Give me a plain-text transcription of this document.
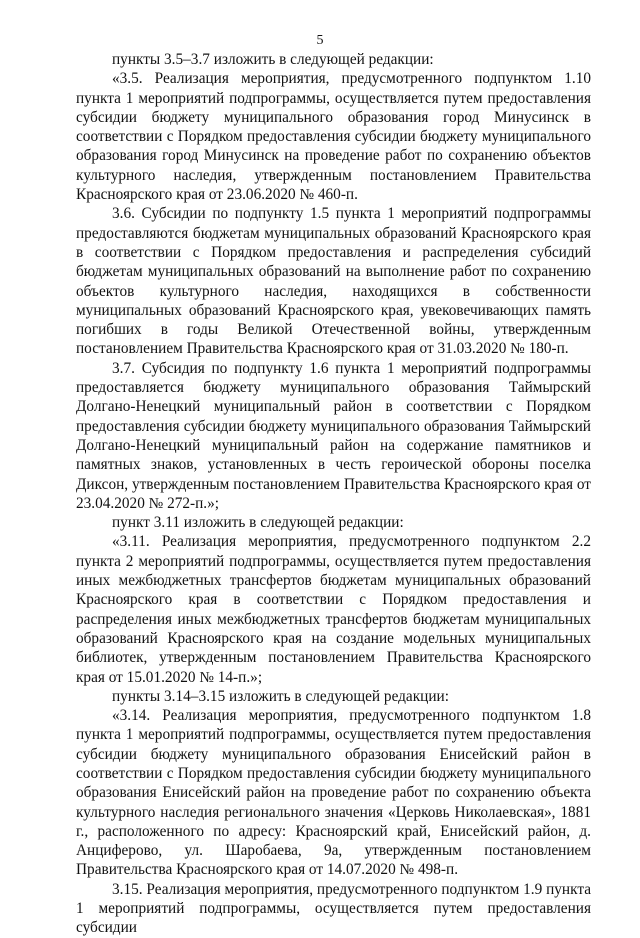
5

пункты 3.5–3.7 изложить в следующей редакции:

«3.5. Реализация мероприятия, предусмотренного подпунктом 1.10 пункта 1 мероприятий подпрограммы, осуществляется путем предоставления субсидии бюджету муниципального образования город Минусинск в соответствии с Порядком предоставления субсидии бюджету муниципального образования город Минусинск на проведение работ по сохранению объектов культурного наследия, утвержденным постановлением Правительства Красноярского края от 23.06.2020 № 460-п.

3.6. Субсидии по подпункту 1.5 пункта 1 мероприятий подпрограммы предоставляются бюджетам муниципальных образований Красноярского края в соответствии с Порядком предоставления и распределения субсидий бюджетам муниципальных образований на выполнение работ по сохранению объектов культурного наследия, находящихся в собственности муниципальных образований Красноярского края, увековечивающих память погибших в годы Великой Отечественной войны, утвержденным постановлением Правительства Красноярского края от 31.03.2020 № 180-п.

3.7. Субсидия по подпункту 1.6 пункта 1 мероприятий подпрограммы предоставляется бюджету муниципального образования Таймырский Долгано-Ненецкий муниципальный район в соответствии с Порядком предоставления субсидии бюджету муниципального образования Таймырский Долгано-Ненецкий муниципальный район на содержание памятников и памятных знаков, установленных в честь героической обороны поселка Диксон, утвержденным постановлением Правительства Красноярского края от 23.04.2020 № 272-п.»;

пункт 3.11 изложить в следующей редакции:

«3.11. Реализация мероприятия, предусмотренного подпунктом 2.2 пункта 2 мероприятий подпрограммы, осуществляется путем предоставления иных межбюджетных трансфертов бюджетам муниципальных образований Красноярского края в соответствии с Порядком предоставления и распределения иных межбюджетных трансфертов бюджетам муниципальных образований Красноярского края на создание модельных муниципальных библиотек, утвержденным постановлением Правительства Красноярского края от 15.01.2020 № 14-п.»;

пункты 3.14–3.15 изложить в следующей редакции:

«3.14. Реализация мероприятия, предусмотренного подпунктом 1.8 пункта 1 мероприятий подпрограммы, осуществляется путем предоставления субсидии бюджету муниципального образования Енисейский район в соответствии с Порядком предоставления субсидии бюджету муниципального образования Енисейский район на проведение работ по сохранению объекта культурного наследия регионального значения «Церковь Николаевская», 1881 г., расположенного по адресу: Красноярский край, Енисейский район, д. Анциферово, ул. Шаробаева, 9а, утвержденным постановлением Правительства Красноярского края от 14.07.2020 № 498-п.

3.15. Реализация мероприятия, предусмотренного подпунктом 1.9 пункта 1 мероприятий подпрограммы, осуществляется путем предоставления субсидии
